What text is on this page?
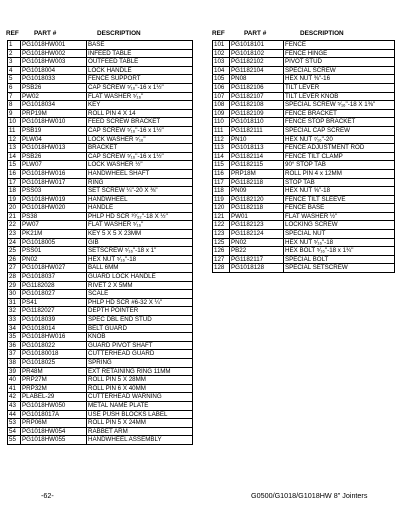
REF PART #	DESCRIPTION	REF	PART #	DESCRIPTION
1	PG1018HW001	BASE
2	PG1018HW002	INFEED TABLE
3	PG1018HW003	OUTFEED TABLE
4	PG1018004	LOCK HANDLE
5	PG1018033	FENCE SUPPORT
6	PSB26	CAP SCREW ⁵⁄₁₆"-16 x 1½"
7	PW02	FLAT WASHER ⁵⁄₁₆"
8	PG1018034	KEY
9	PRP19M	ROLL PIN 4 X 14
10	PG1018HW010	FEED SCREW BRACKET
11	PSB19	CAP SCREW ⁵⁄₁₆"-16 x 1½"
12	PLW04	LOCK WASHER ⁵⁄₁₆"
13	PG1018HW013	BRACKET
14	PSB26	CAP SCREW ⁵⁄₁₆"-16 x 1½"
15	PLW07	LOCK WASHER ½"
16	PG1018HW016	HANDWHEEL SHAFT
17	PG1018HW017	RING
18	PSS03	SET SCREW ¼"-20 X ⅜"
19	PG1018HW019	HANDWHEEL
20	PG1018HW020	HANDLE
21	PS38	PHLP HD SCR ¹⁰⁄₃₂"-18 X ½"
22	PW07	FLAT WASHER ⁵⁄₁₆"
23	PK21M	KEY 5 X 5 X 23MM
24	PG1018005	GIB
25	PSS01	SETSCREW ⁵⁄₁₆"-18 x 1"
26	PN02	HEX NUT ⁵⁄₁₆"-18
27	PG1018HW027	BALL 6MM
28	PG1018037	GUARD LOCK HANDLE
29	PG1182028	RIVET 2 X 5MM
30	PG1018027	SCALE
31	PS41	PHLP HD SCR #6-32 X ¼"
32	PG1182027	DEPTH POINTER
33	PG1018039	SPEC DBL END STUD
34	PG1018014	BELT GUARD
35	PG1018HW016	KNOB
36	PG1018022	GUARD PIVOT SHAFT
37	PG10180018	CUTTERHEAD GUARD
38	PG1018025	SPRING
39	PR48M	EXT RETAINING RING 11MM
40	PRP27M	ROLL PIN 5 X 28MM
41	PRP32M	ROLL PIN 6 X 40MM
42	PLABEL-29	CUTTERHEAD WARNING
43	PG1018HW050	METAL NAME PLATE
44	PG1018017A	USE PUSH BLOCKS LABEL
53	PRP06M	ROLL PIN 5 X 24MM
54	PG1018HW054	RABBET ARM
55	PG1018HW055	HANDWHEEL ASSEMBLY
101	PG1018101	FENCE
102	PG1018102	FENCE HINGE
103	PG1182102	PIVOT STUD
104	PG1182104	SPECIAL SCREW
105	PN08	HEX NUT ⅜"-16
106	PG1182106	TILT LEVER
107	PG1182107	TILT LEVER KNOB
108	PG1182108	SPECIAL SCREW ⁵⁄₁₆"-18 X 1⅜"
109	PG1182109	FENCE BRACKET
110	PG1018110	FENCE STOP BRACKET
111	PG1182111	SPECIAL CAP SCREW
112	PN10	HEX NUT ⁷⁄₁₆"-20
113	PG1018113	FENCE ADJUSTMENT ROD
114	PG1182114	FENCE TILT CLAMP
115	PG1182115	90° STOP TAB
116	PRP18M	ROLL PIN 4 x 12MM
117	PG1182118	STOP TAB
118	PN09	HEX NUT ⅝"-18
119	PG1182120	FENCE TILT SLEEVE
120	PG1182118	FENCE BASE
121	PW01	FLAT WASHER ½"
122	PG1182123	LOCKING SCREW
123	PG1182124	SPECIAL NUT
125	PN02	HEX NUT ⁵⁄₁₆"-18
126	PB22	HEX BOLT ⁵⁄₁₆"-18 x 1¾"
127	PG1182117	SPECIAL BOLT
128	PG1018128	SPECIAL SETSCREW
-62-	G0500/G1018/G1018HW 8" Jointers
